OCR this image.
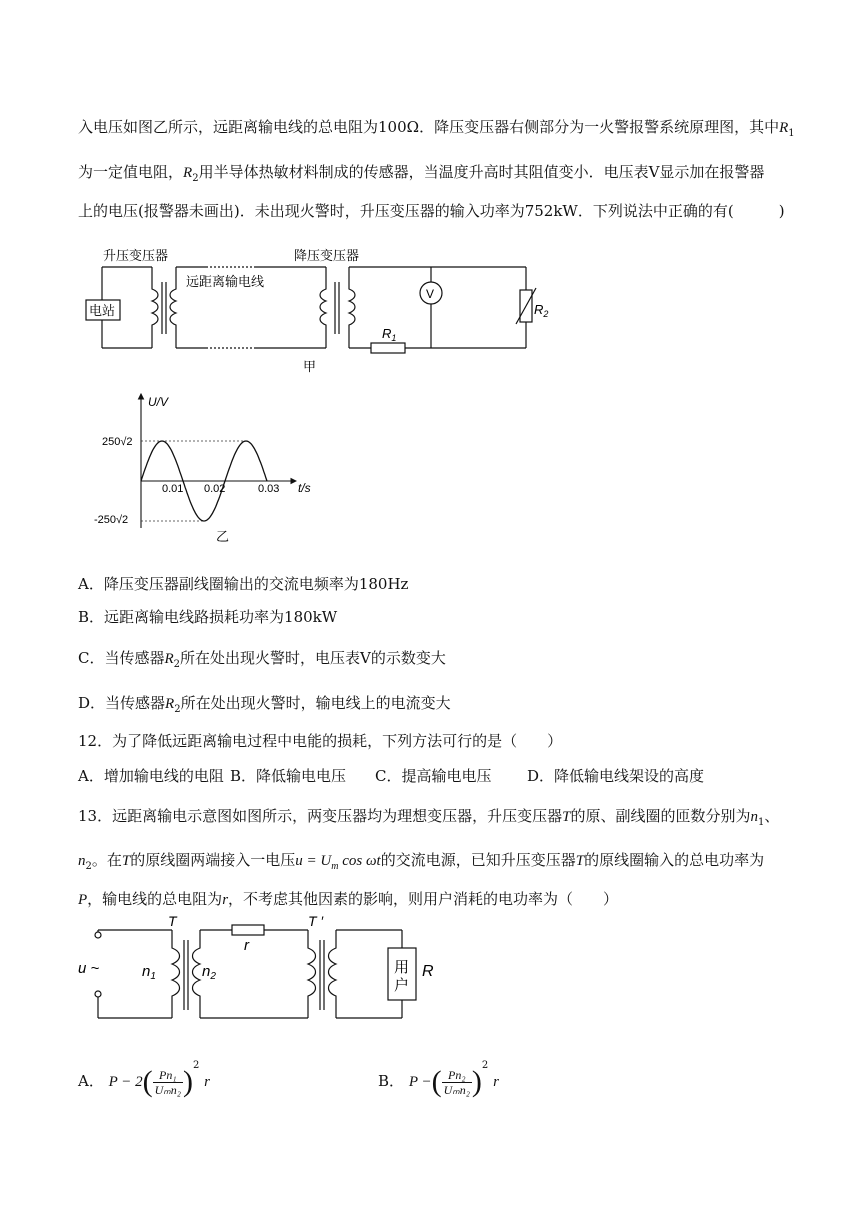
入电压如图乙所示，远距离输电线的总电阻为100Ω．降压变压器右侧部分为一火警报警系统原理图，其中$R_1$
为一定值电阻，$R_2$用半导体热敏材料制成的传感器，当温度升高时其阻值变小．电压表V显示加在报警器
上的电压(报警器未画出)．未出现火警时，升压变压器的输入功率为752kW．下列说法中正确的有(　　　)
升压变压器
远距离输电线
降压变压器
电站
V
$R_1$
$R_2$
甲
U/V
t/s
250√2
-250√2
0.01 0.02	0.03
乙
A．降压变压器副线圈输出的交流电频率为180Hz
B．远距离输电线路损耗功率为180kW
C．当传感器$R_2$所在处出现火警时，电压表V的示数变大
D．当传感器$R_2$所在处出现火警时，输电线上的电流变大
12．为了降低远距离输电过程中电能的损耗，下列方法可行的是（　　）
A．增加输电线的电阻 B．降低输电电压 C．提高输电电压 D．降低输电线架设的高度
13．远距离输电示意图如图所示，两变压器均为理想变压器，升压变压器T的原、副线圈的匝数分别为$n_1$、
$n_2$。在T的原线圈两端接入一电压$u = U_m$ cos ωt的交流电源，已知升压变压器T的原线圈输入的总电功率为
P，输电线的总电阻为r，不考虑其他因素的影响，则用户消耗的电功率为（　　）
u ~
T	T ′
$n_1$	$n_2$
r
用
户
R
A． $P - 2( \frac{\text{Pn₁}}{\text{Uₘn₂}} )^2$ r	B． P −( $\frac{\text{Pn₂}}{\text{Uₘn₂}} )^2$ r
